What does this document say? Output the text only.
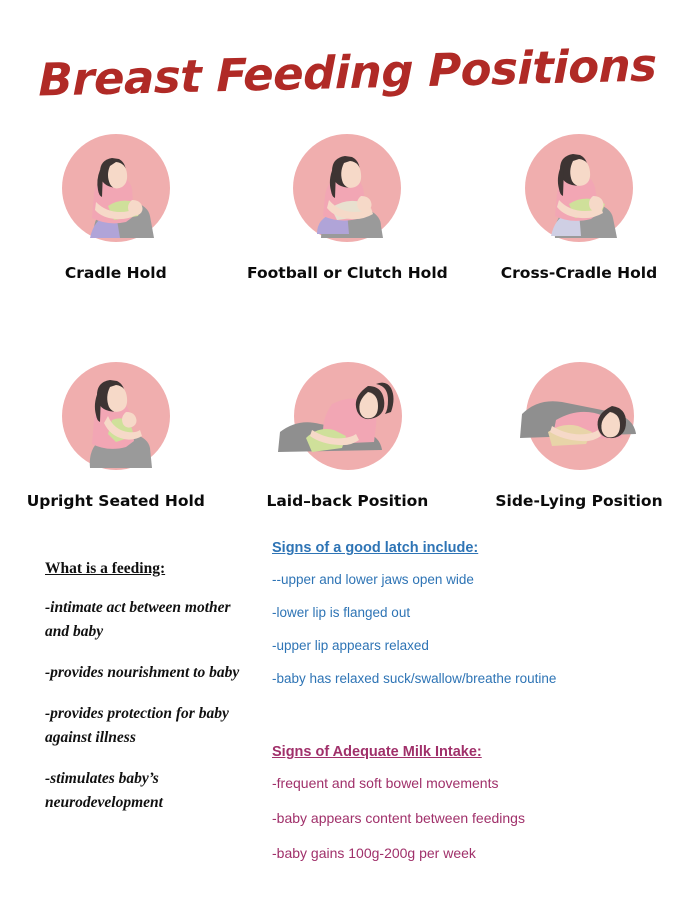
Breast Feeding Positions
Cradle Hold	Football or Clutch Hold	Cross-Cradle Hold
Upright Seated Hold	Laid–back Position	Side-Lying Position
What is a feeding:
-intimate act between mother and baby
-provides nourishment to baby
-provides protection for baby against illness
-stimulates baby’s neurodevelopment
Signs of a good latch include:
--upper and lower jaws open wide
-lower lip is flanged out
-upper lip appears relaxed
-baby has relaxed suck/swallow/breathe routine
Signs of Adequate Milk Intake:
-frequent and soft bowel movements
-baby appears content between feedings
-baby gains 100g-200g per week
